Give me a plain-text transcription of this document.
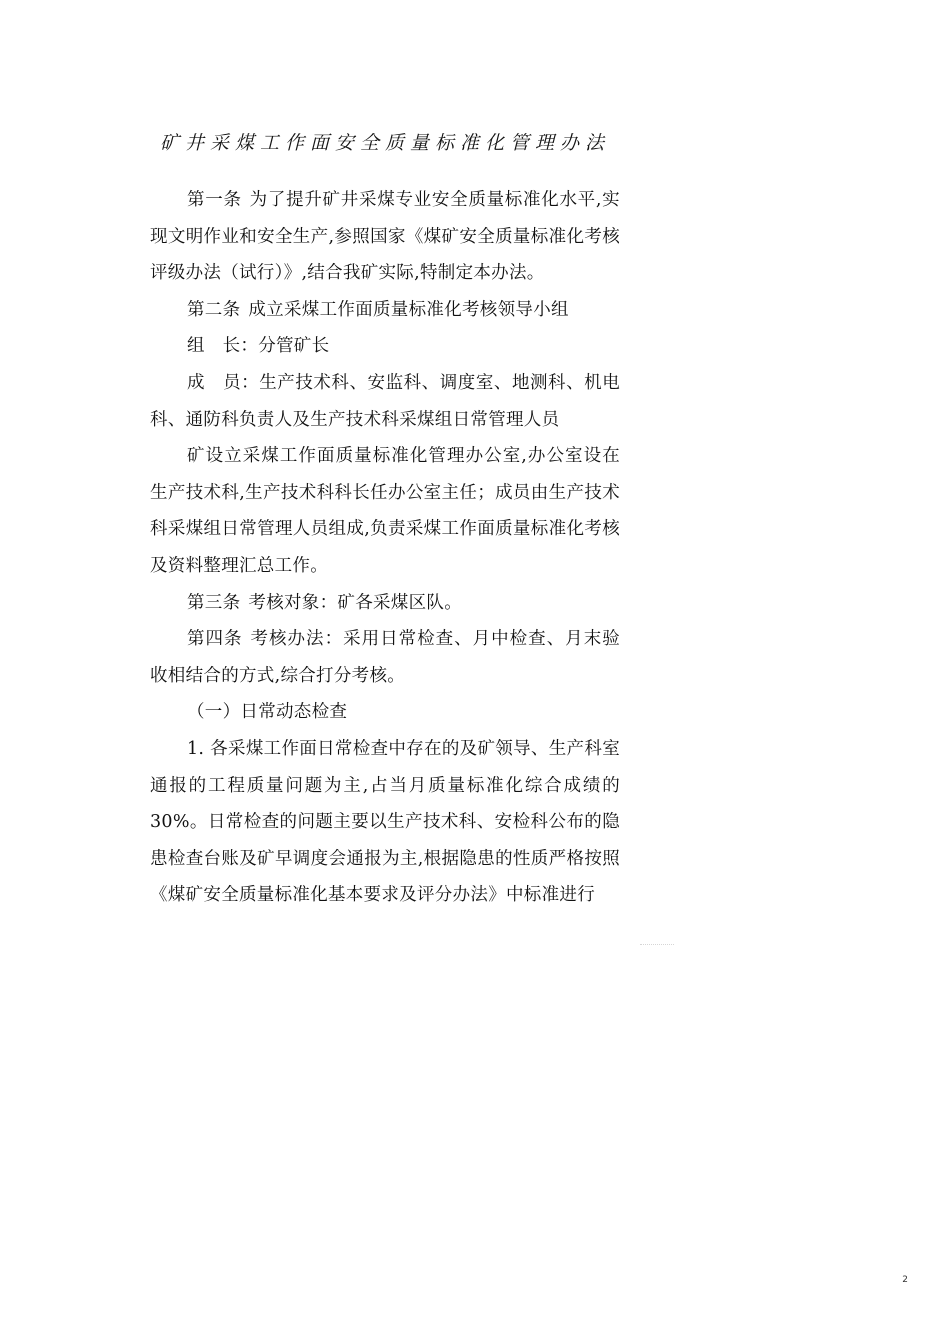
矿井采煤工作面安全质量标准化管理办法

第一条 为了提升矿井采煤专业安全质量标准化水平,实现文明作业和安全生产,参照国家《煤矿安全质量标准化考核评级办法（试行）》,结合我矿实际,特制定本办法。

第二条 成立采煤工作面质量标准化考核领导小组

组　长：分管矿长

成　员：生产技术科、安监科、调度室、地测科、机电科、通防科负责人及生产技术科采煤组日常管理人员

矿设立采煤工作面质量标准化管理办公室,办公室设在生产技术科,生产技术科科长任办公室主任；成员由生产技术科采煤组日常管理人员组成,负责采煤工作面质量标准化考核及资料整理汇总工作。

第三条 考核对象：矿各采煤区队。

第四条 考核办法：采用日常检查、月中检查、月末验收相结合的方式,综合打分考核。

（一）日常动态检查

1. 各采煤工作面日常检查中存在的及矿领导、生产科室通报的工程质量问题为主,占当月质量标准化综合成绩的30%。日常检查的问题主要以生产技术科、安检科公布的隐患检查台账及矿早调度会通报为主,根据隐患的性质严格按照《煤矿安全质量标准化基本要求及评分办法》中标准进行

2
